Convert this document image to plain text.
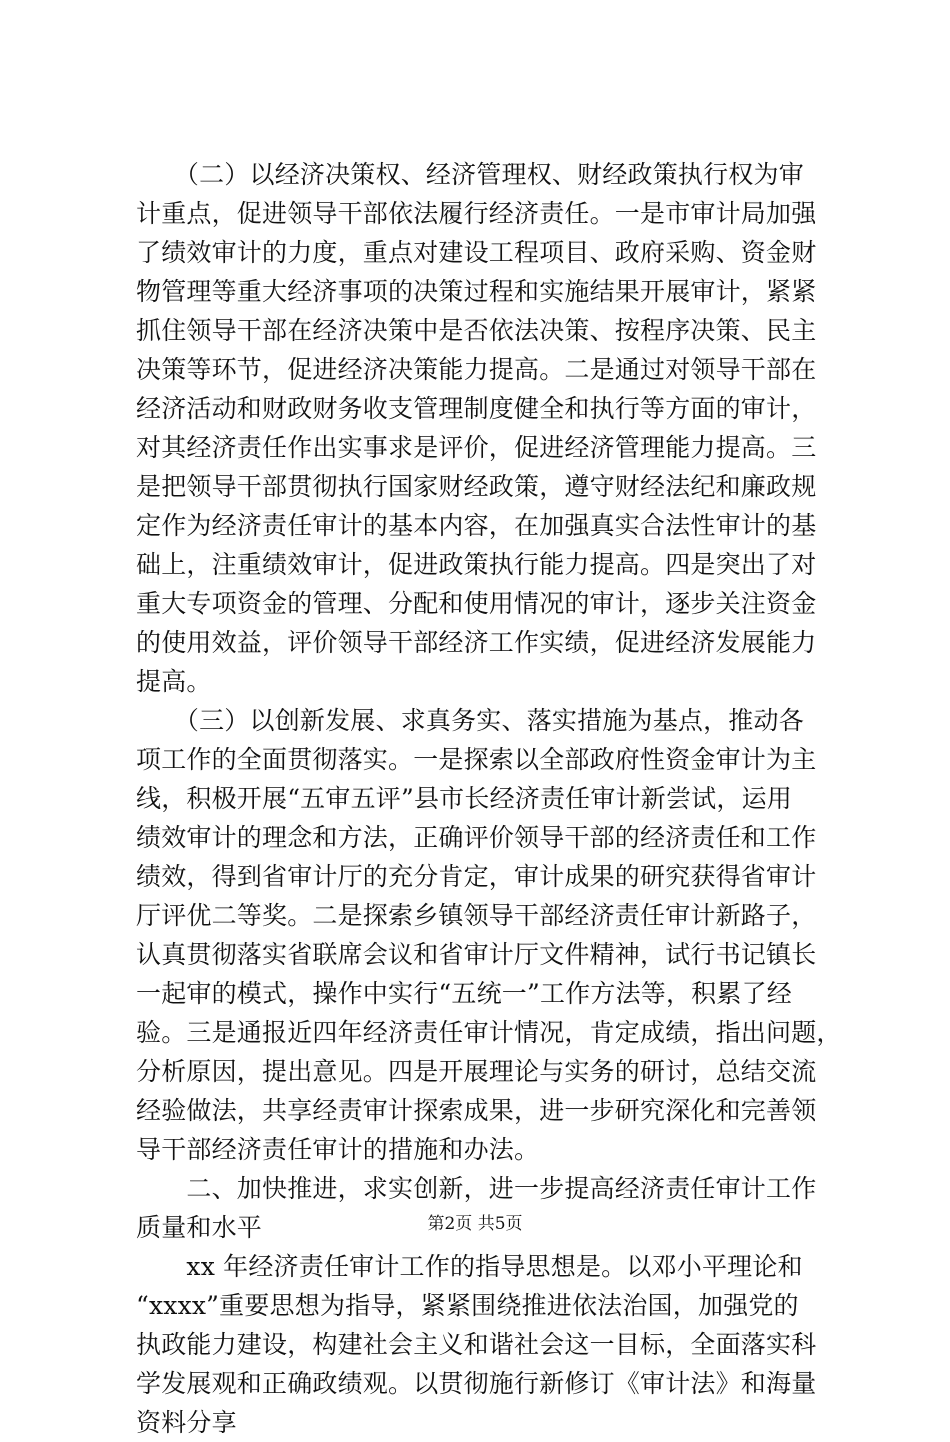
　　（二）以经济决策权、经济管理权、财经政策执行权为审
计重点，促进领导干部依法履行经济责任。一是市审计局加强
了绩效审计的力度，重点对建设工程项目、政府采购、资金财
物管理等重大经济事项的决策过程和实施结果开展审计，紧紧
抓住领导干部在经济决策中是否依法决策、按程序决策、民主
决策等环节，促进经济决策能力提高。二是通过对领导干部在
经济活动和财政财务收支管理制度健全和执行等方面的审计，
对其经济责任作出实事求是评价，促进经济管理能力提高。三
是把领导干部贯彻执行国家财经政策，遵守财经法纪和廉政规
定作为经济责任审计的基本内容，在加强真实合法性审计的基
础上，注重绩效审计，促进政策执行能力提高。四是突出了对
重大专项资金的管理、分配和使用情况的审计，逐步关注资金
的使用效益，评价领导干部经济工作实绩，促进经济发展能力
提高。
　　（三）以创新发展、求真务实、落实措施为基点，推动各
项工作的全面贯彻落实。一是探索以全部政府性资金审计为主
线，积极开展“五审五评”县市长经济责任审计新尝试，运用
绩效审计的理念和方法，正确评价领导干部的经济责任和工作
绩效，得到省审计厅的充分肯定，审计成果的研究获得省审计
厅评优二等奖。二是探索乡镇领导干部经济责任审计新路子，
认真贯彻落实省联席会议和省审计厅文件精神，试行书记镇长
一起审的模式，操作中实行“五统一”工作方法等，积累了经
验。三是通报近四年经济责任审计情况，肯定成绩，指出问题，
分析原因，提出意见。四是开展理论与实务的研讨，总结交流
经验做法，共享经责审计探索成果，进一步研究深化和完善领
导干部经济责任审计的措施和办法。
　　二、加快推进，求实创新，进一步提高经济责任审计工作
质量和水平
　　xx 年经济责任审计工作的指导思想是。以邓小平理论和
“xxxx”重要思想为指导，紧紧围绕推进依法治国，加强党的
执政能力建设，构建社会主义和谐社会这一目标，全面落实科
学发展观和正确政绩观。以贯彻施行新修订《审计法》和海量
资料分享
第2页 共5页
